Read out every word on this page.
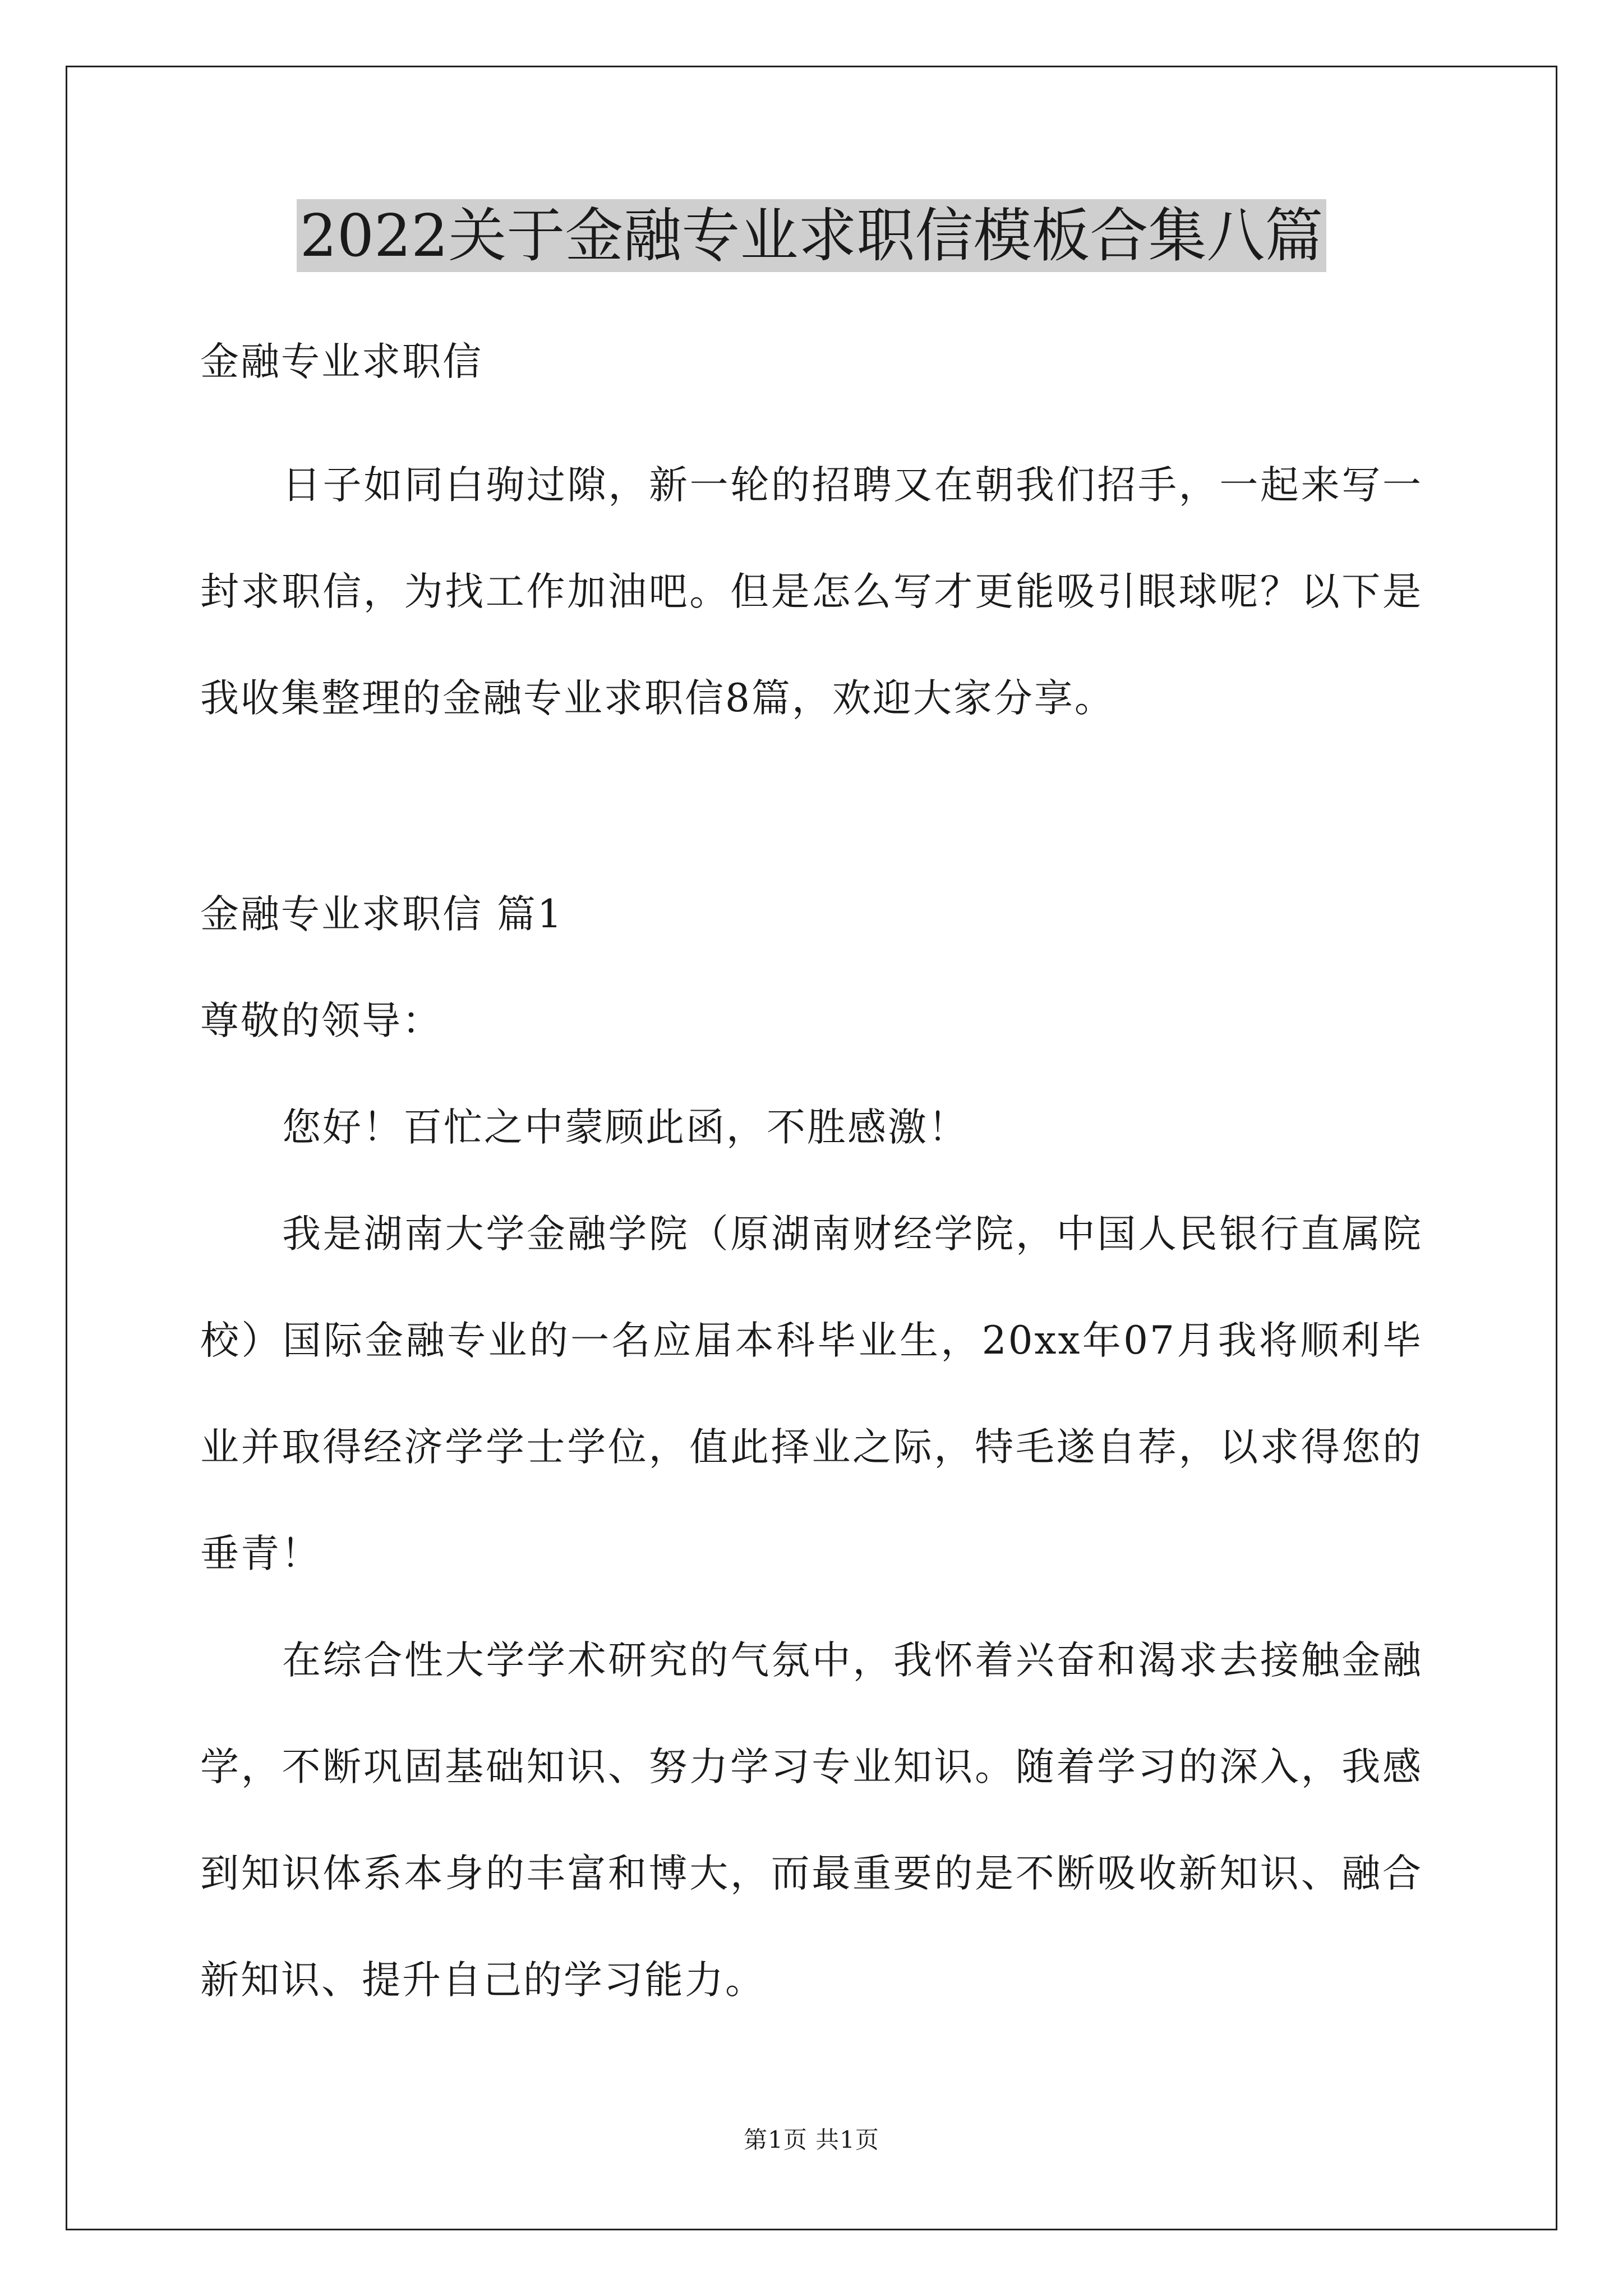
2022关于金融专业求职信模板合集八篇
金融专业求职信
日子如同白驹过隙，新一轮的招聘又在朝我们招手，一起来写一
封求职信，为找工作加油吧。但是怎么写才更能吸引眼球呢？以下是
我收集整理的金融专业求职信8篇，欢迎大家分享。
金融专业求职信 篇1
尊敬的领导：
您好！百忙之中蒙顾此函，不胜感激！
我是湖南大学金融学院（原湖南财经学院，中国人民银行直属院
校）国际金融专业的一名应届本科毕业生，20xx年07月我将顺利毕
业并取得经济学学士学位，值此择业之际，特毛遂自荐，以求得您的
垂青！
在综合性大学学术研究的气氛中，我怀着兴奋和渴求去接触金融
学，不断巩固基础知识、努力学习专业知识。随着学习的深入，我感
到知识体系本身的丰富和博大，而最重要的是不断吸收新知识、融合
新知识、提升自己的学习能力。
第1页 共1页
